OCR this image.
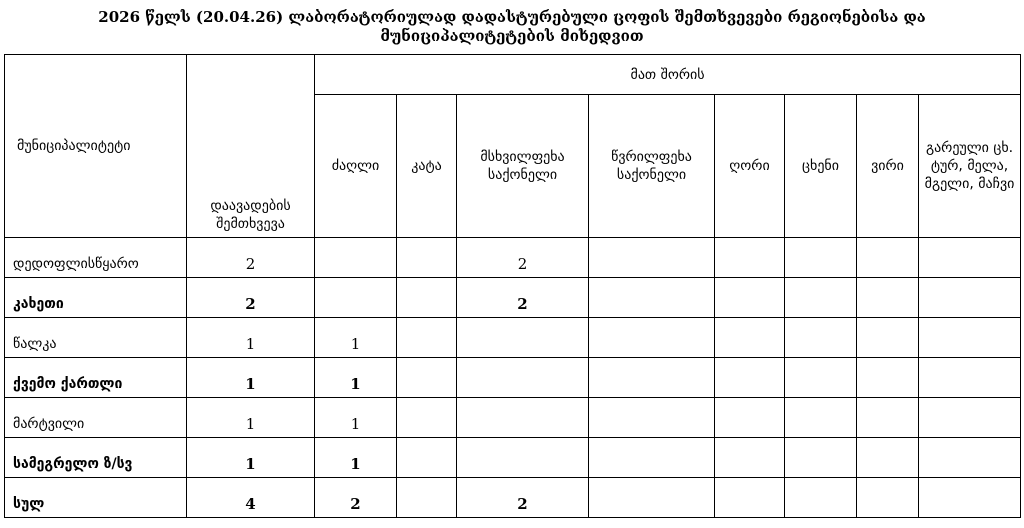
2026 წელს (20.04.26) ლაბორატორიულად დადასტურებული ცოფის შემთხვევები რეგიონებისა და
მუნიციპალიტეტების მიხედვით
მუნიციპალიტეტი	დაავადების შემთხვევა	მათ შორის							
		ძაღლი	კატა	მსხვილფეხა საქონელი	წვრილფეხა საქონელი	ღორი	ცხენი	ვირი	გარეული ცხ. ტურ, მელა, მგელი, მაჩვი
დედოფლისწყარო	2			2					
კახეთი	2			2					
წალკა	1	1							
ქვემო ქართლი	1	1							
მარტვილი	1	1							
სამეგრელო ზ/სვ	1	1							
სულ	4	2		2					
